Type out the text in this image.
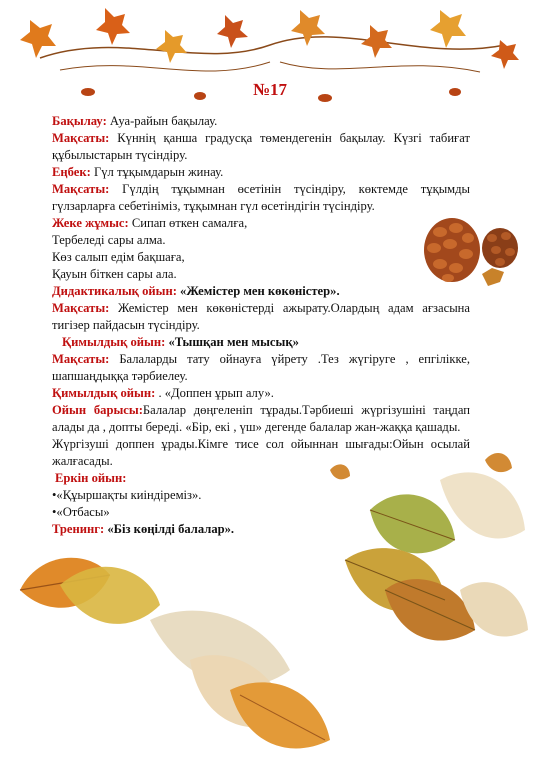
№17

Бақылау: Ауа-райын бақылау.

Мақсаты: Күннің қанша градусқа төмендегенін бақылау. Күзгі табиғат құбылыстарын түсіндіру.

Еңбек: Гүл тұқымдарын жинау.

Мақсаты: Гүлдің тұқымнан өсетінін түсіндіру, көктемде тұқымды гүлзарларға себетініміз, тұқымнан гүл өсетіндігін түсіндіру.

Жеке жұмыс: Сипап өткен самалға,

Тербеледі сары алма.

Көз салып едім бақшаға,

Қауын біткен сары ала.

Дидактикалық ойын: «Жемістер мен көкөністер».

Мақсаты: Жемістер мен көкөністерді ажырату.Олардың адам ағзасына тигізер пайдасын түсіндіру.

Қимылдық ойын: «Тышқан мен мысық»

Мақсаты: Балаларды тату ойнауға үйрету .Тез жүгіруге , епгілікке, шапшаңдыққа тәрбиелеу.

Қимылдық ойын: . «Доппен ұрып алу».

Ойын барысы:Балалар дөңгеленіп тұрады.Тәрбиеші жүргізушіні таңдап алады да , допты береді. «Бір, екі , үш» дегенде балалар жан-жаққа қашады.

Жүргізуші доппен ұрады.Кімге тисе сол ойыннан шығады:Ойын осылай жалғасады.

Еркін ойын:

•«Құыршақты киіндіреміз».

•«Отбасы»

Тренинг: «Біз көңілді балалар».
